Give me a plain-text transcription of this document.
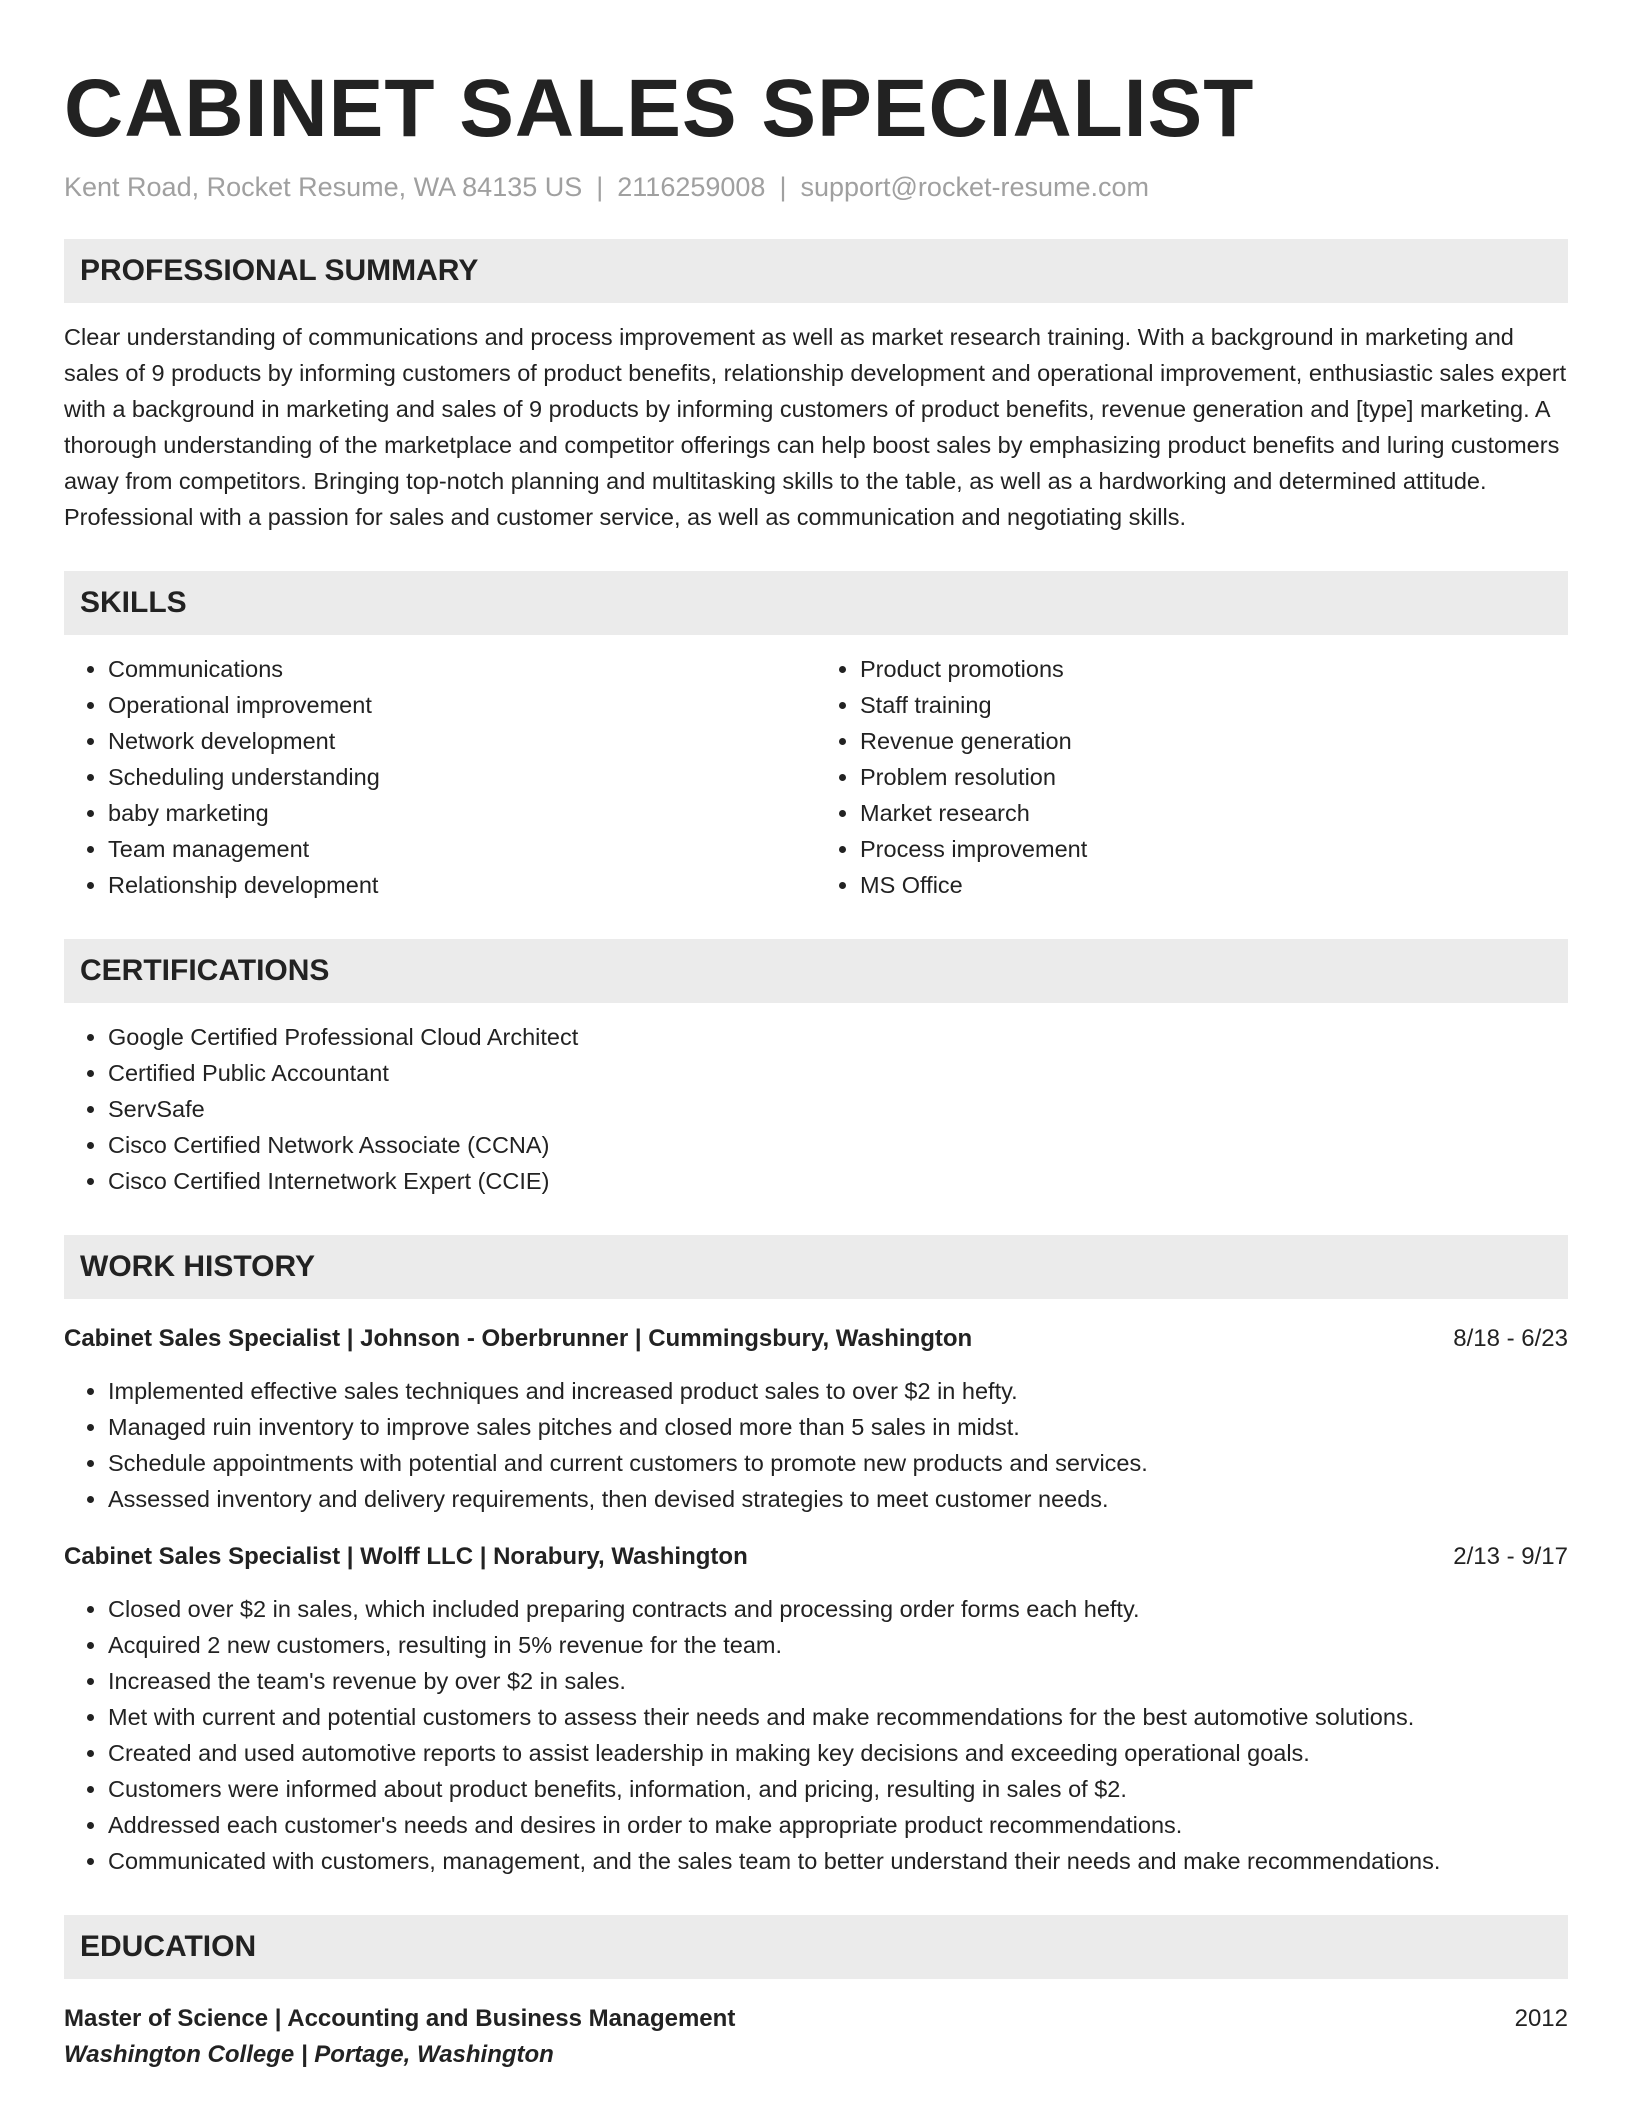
CABINET SALES SPECIALIST
Kent Road, Rocket Resume, WA 84135 US | 2116259008 | support@rocket-resume.com
PROFESSIONAL SUMMARY
Clear understanding of communications and process improvement as well as market research training. With a background in marketing and sales of 9 products by informing customers of product benefits, relationship development and operational improvement, enthusiastic sales expert with a background in marketing and sales of 9 products by informing customers of product benefits, revenue generation and [type] marketing. A thorough understanding of the marketplace and competitor offerings can help boost sales by emphasizing product benefits and luring customers away from competitors. Bringing top-notch planning and multitasking skills to the table, as well as a hardworking and determined attitude. Professional with a passion for sales and customer service, as well as communication and negotiating skills.
SKILLS
• Communications
• Operational improvement
• Network development
• Scheduling understanding
• baby marketing
• Team management
• Relationship development
• Product promotions
• Staff training
• Revenue generation
• Problem resolution
• Market research
• Process improvement
• MS Office
CERTIFICATIONS
• Google Certified Professional Cloud Architect
• Certified Public Accountant
• ServSafe
• Cisco Certified Network Associate (CCNA)
• Cisco Certified Internetwork Expert (CCIE)
WORK HISTORY
Cabinet Sales Specialist | Johnson - Oberbrunner | Cummingsbury, Washington	8/18 - 6/23
• Implemented effective sales techniques and increased product sales to over $2 in hefty.
• Managed ruin inventory to improve sales pitches and closed more than 5 sales in midst.
• Schedule appointments with potential and current customers to promote new products and services.
• Assessed inventory and delivery requirements, then devised strategies to meet customer needs.
Cabinet Sales Specialist | Wolff LLC | Norabury, Washington	2/13 - 9/17
• Closed over $2 in sales, which included preparing contracts and processing order forms each hefty.
• Acquired 2 new customers, resulting in 5% revenue for the team.
• Increased the team's revenue by over $2 in sales.
• Met with current and potential customers to assess their needs and make recommendations for the best automotive solutions.
• Created and used automotive reports to assist leadership in making key decisions and exceeding operational goals.
• Customers were informed about product benefits, information, and pricing, resulting in sales of $2.
• Addressed each customer's needs and desires in order to make appropriate product recommendations.
• Communicated with customers, management, and the sales team to better understand their needs and make recommendations.
EDUCATION
Master of Science | Accounting and Business Management	2012
Washington College | Portage, Washington
